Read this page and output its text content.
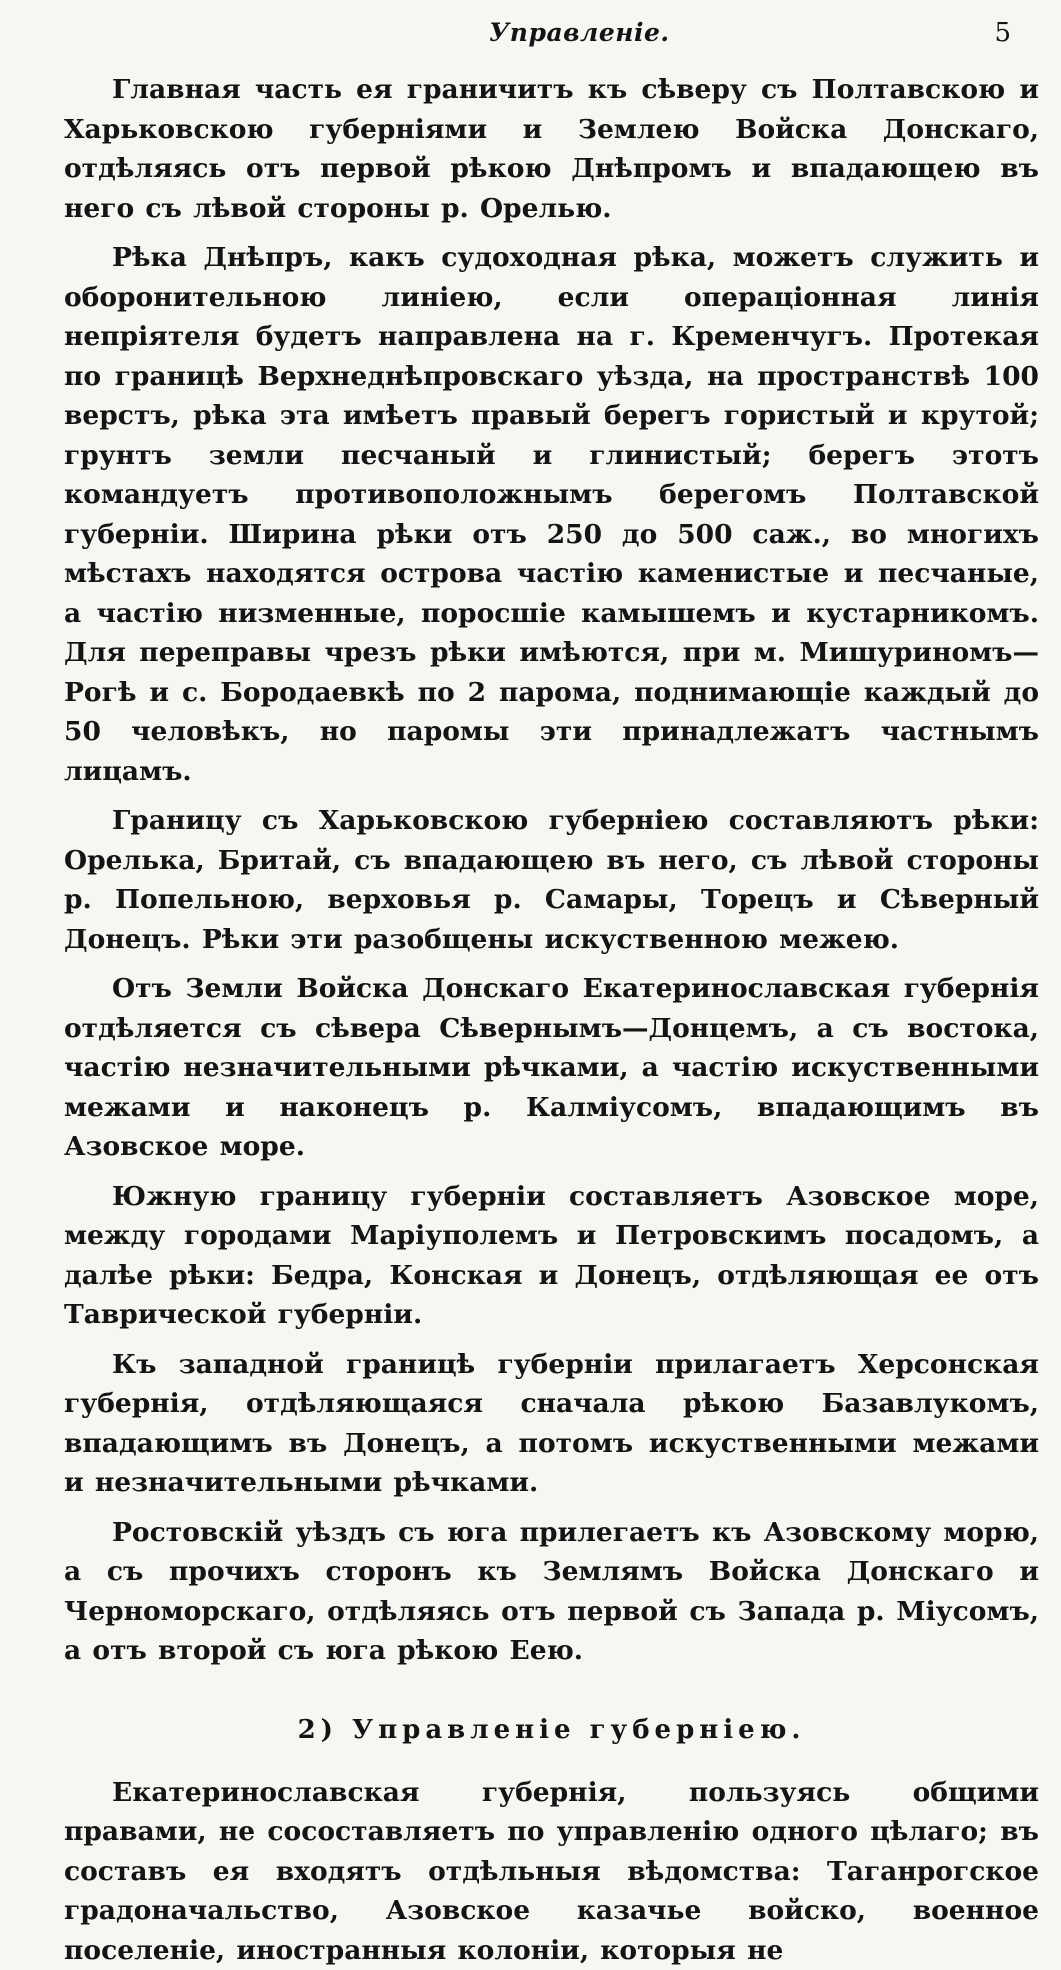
Управленіе.	5

Главная часть ея граничитъ къ сѣверу съ Полтавскою и Харьковскою губерніями и Землею Войска Донскаго, отдѣляясь отъ первой рѣкою Днѣпромъ и впадающею въ него съ лѣвой стороны р. Орелью.

Рѣка Днѣпръ, какъ судоходная рѣка, можетъ служить и оборонительною линіею, если операціонная линія непріятеля будетъ направлена на г. Кременчугъ. Протекая по границѣ Верхнеднѣпровскаго уѣзда, на пространствѣ 100 верстъ, рѣка эта имѣетъ правый берегъ гористый и крутой; грунтъ земли песчаный и глинистый; берегъ этотъ командуетъ противоположнымъ берегомъ Полтавской губерніи. Ширина рѣки отъ 250 до 500 саж., во многихъ мѣстахъ находятся острова частію каменистые и песчаные, а частію низменные, поросшіе камышемъ и кустарникомъ. Для переправы чрезъ рѣки имѣются, при м. Мишуриномъ—Рогѣ и с. Бородаевкѣ по 2 парома, поднимающіе каждый до 50 человѣкъ, но паромы эти принадлежатъ частнымъ лицамъ.

Границу съ Харьковскою губерніею составляютъ рѣки: Орелька, Бритай, съ впадающею въ него, съ лѣвой стороны р. Попельною, верховья р. Самары, Торецъ и Сѣверный Донецъ. Рѣки эти разобщены искуственною межею.

Отъ Земли Войска Донскаго Екатеринославская губернія отдѣляется съ сѣвера Сѣвернымъ—Донцемъ, а съ востока, частію незначительными рѣчками, а частію искуственными межами и наконецъ р. Калміусомъ, впадающимъ въ Азовское море.

Южную границу губерніи составляетъ Азовское море, между городами Маріуполемъ и Петровскимъ посадомъ, а далѣе рѣки: Бедра, Конская и Донецъ, отдѣляющая ее отъ Таврической губерніи.

Къ западной границѣ губерніи прилагаетъ Херсонская губернія, отдѣляющаяся сначала рѣкою Базавлукомъ, впадающимъ въ Донецъ, а потомъ искуственными межами и незначительными рѣчками.

Ростовскій уѣздъ съ юга прилегаетъ къ Азовскому морю, а съ прочихъ сторонъ къ Землямъ Войска Донскаго и Черноморскаго, отдѣляясь отъ первой съ Запада р. Міусомъ, а отъ второй съ юга рѣкою Еею.

2) Управленіе губерніею.

Екатеринославская губернія, пользуясь общими правами, не сосоставляетъ по управленію одного цѣлаго; въ составъ ея входятъ отдѣльныя вѣдомства: Таганрогское градоначальство, Азовское казачье войско, военное поселеніе, иностранныя колоніи, которыя не
